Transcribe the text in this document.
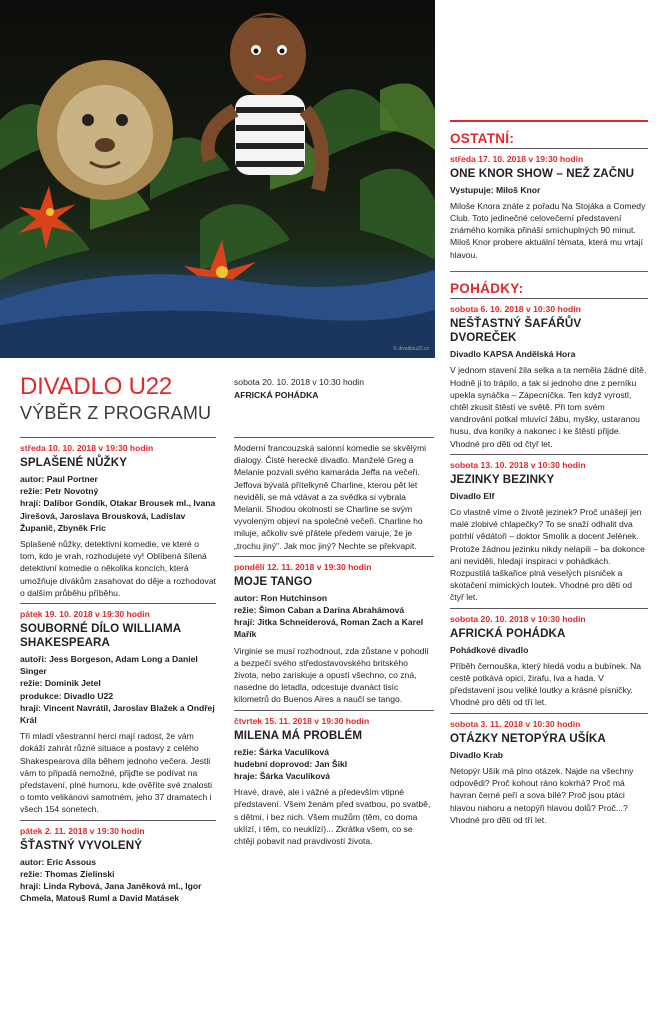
© divadlou22.cz
DIVADLO U22
VÝBĚR Z PROGRAMU
sobota 20. 10. 2018 v 10:30 hodin
AFRICKÁ POHÁDKA
středa 10. 10. 2018 v 19:30 hodin
SPLAŠENÉ NŮŽKY
autor: Paul Portner
režie: Petr Novotný
hrají: Dalibor Gondík, Otakar Brousek ml., Ivana Jirešová, Jaroslava Brousková, Ladislav Županič, Zbyněk Fric
Splašené nůžky, detektivní komedie, ve které o tom, kdo je vrah, rozhodujete vy! Oblíbená šílená detektivní komedie o několika koncích, která umožňuje divákům zasahovat do děje a rozhodovat o dalším průběhu příběhu.
pátek 19. 10. 2018 v 19:30 hodin
SOUBORNÉ DÍLO WILLIAMA SHAKESPEARA
autoři: Jess Borgeson, Adam Long a Daniel Singer
režie: Dominik Jetel
produkce: Divadlo U22
hrají: Vincent Navrátil, Jaroslav Blažek a Ondřej Král
Tři mladí všestranní herci mají radost, že vám dokáží zahrát různé situace a postavy z celého Shakespearova díla během jednoho večera. Jestli vám to připadá nemožné, přijďte se podívat na představení, plné humoru, kde ověříte své znalosti o tomto velikánovi samotném, jeho 37 dramatech i všech 154 sonetech.
pátek 2. 11. 2018 v 19:30 hodin
ŠŤASTNÝ VYVOLENÝ
autor: Eric Assous
režie: Thomas Zielinski
hrají: Linda Rybová, Jana Janěková ml., Igor Chmela, Matouš Ruml a David Matásek
Moderní francouzská salonní komedie se skvělými dialogy. Čisté herecké divadlo. Manželé Greg a Melanie pozvali svého kamaráda Jeffa na večeři. Jeffova bývalá přítelkyně Charline, kterou pět let neviděli, se má vdávat a za svědka si vybrala Melanii. Shodou okolností se Charline se svým vyvoleným objeví na společné večeři. Charline ho miluje, ačkoliv své přátele předem varuje, že je „trochu jiný". Jak moc jiný? Nechte se překvapit.
pondělí 12. 11. 2018 v 19:30 hodin
MOJE TANGO
autor: Ron Hutchinson
režie: Šimon Caban a Darina Abrahámová
hrají: Jitka Schneiderová, Roman Zach a Karel Mařík
Virginie se musí rozhodnout, zda zůstane v pohodlí a bezpečí svého středostavovského britského života, nebo zariskuje a opustí všechno, co zná, nasedne do letadla, odcestuje dvanáct tisíc kilometrů do Buenos Aires a naučí se tango.
čtvrtek 15. 11. 2018 v 19:30 hodin
MILENA MÁ PROBLÉM
režie: Šárka Vaculíková
hudební doprovod: Jan Šikl
hraje: Šárka Vaculíková
Hravé, dravé, ale i vážné a především vtipné představení. Všem ženám před svatbou, po svatbě, s dětmi, i bez nich. Všem mužům (těm, co doma uklízí, i těm, co neuklízí)... Zkrátka všem, co se chtějí pobavit nad pravdivostí života.
OSTATNÍ:
středa 17. 10. 2018 v 19:30 hodin
ONE KNOR SHOW – NEŽ ZAČNU
Vystupuje: Miloš Knor
Miloše Knora znáte z pořadu Na Stojáka a Comedy Club. Toto jedinečné celovečerní představení známého komika přináší smíchuplných 90 minut. Miloš Knor probere aktuální témata, která mu vrtají hlavou.
POHÁDKY:
sobota 6. 10. 2018 v 10:30 hodin
NEŠŤASTNÝ ŠAFÁŘŮV DVOREČEK
Divadlo KAPSA Andělská Hora
V jednom stavení žila selka a ta neměla žádné dítě. Hodně ji to trápilo, a tak si jednoho dne z perníku upekla synáčka – Zápecníčka. Ten když vyrostl, chtěl zkusit štěstí ve světě. Při tom svém vandrování potkal mluvící žábu, myšky, ustaranou husu, dva koníky a nakonec i ke štěstí přijde. Vhodné pro děti od čtyř let.
sobota 13. 10. 2018 v 10:30 hodin
JEZINKY BEZINKY
Divadlo Elf
Co vlastně víme o životě jezinek? Proč unášejí jen malé zlobivé chlapečky? To se snaží odhalit dva potrhlí vědátoři – doktor Smolík a docent Jelének. Protože žádnou jezinku nikdy nelapili – ba dokonce ani neviděli, hledají inspiraci v pohádkách. Rozpustilá taškařice plná veselých písniček a skotačení mimických loutek. Vhodné pro děti od čtyř let.
sobota 20. 10. 2018 v 10:30 hodin
AFRICKÁ POHÁDKA
Pohádkové divadlo
Příběh černouška, který hledá vodu a bubínek. Na cestě potkává opici, žirafu, lva a hada. V představení jsou veliké loutky a krásné písničky. Vhodné pro děti od tří let.
sobota 3. 11. 2018 v 10:30 hodin
OTÁZKY NETOPÝRA UŠÍKA
Divadlo Krab
Netopýr Ušík má plno otázek. Najde na všechny odpovědi? Proč kohout ráno kokrhá? Proč má havran černé peří a sova bílé? Proč jsou ptáci hlavou nahoru a netopýři hlavou dolů? Proč...? Vhodné pro děti od tří let.
